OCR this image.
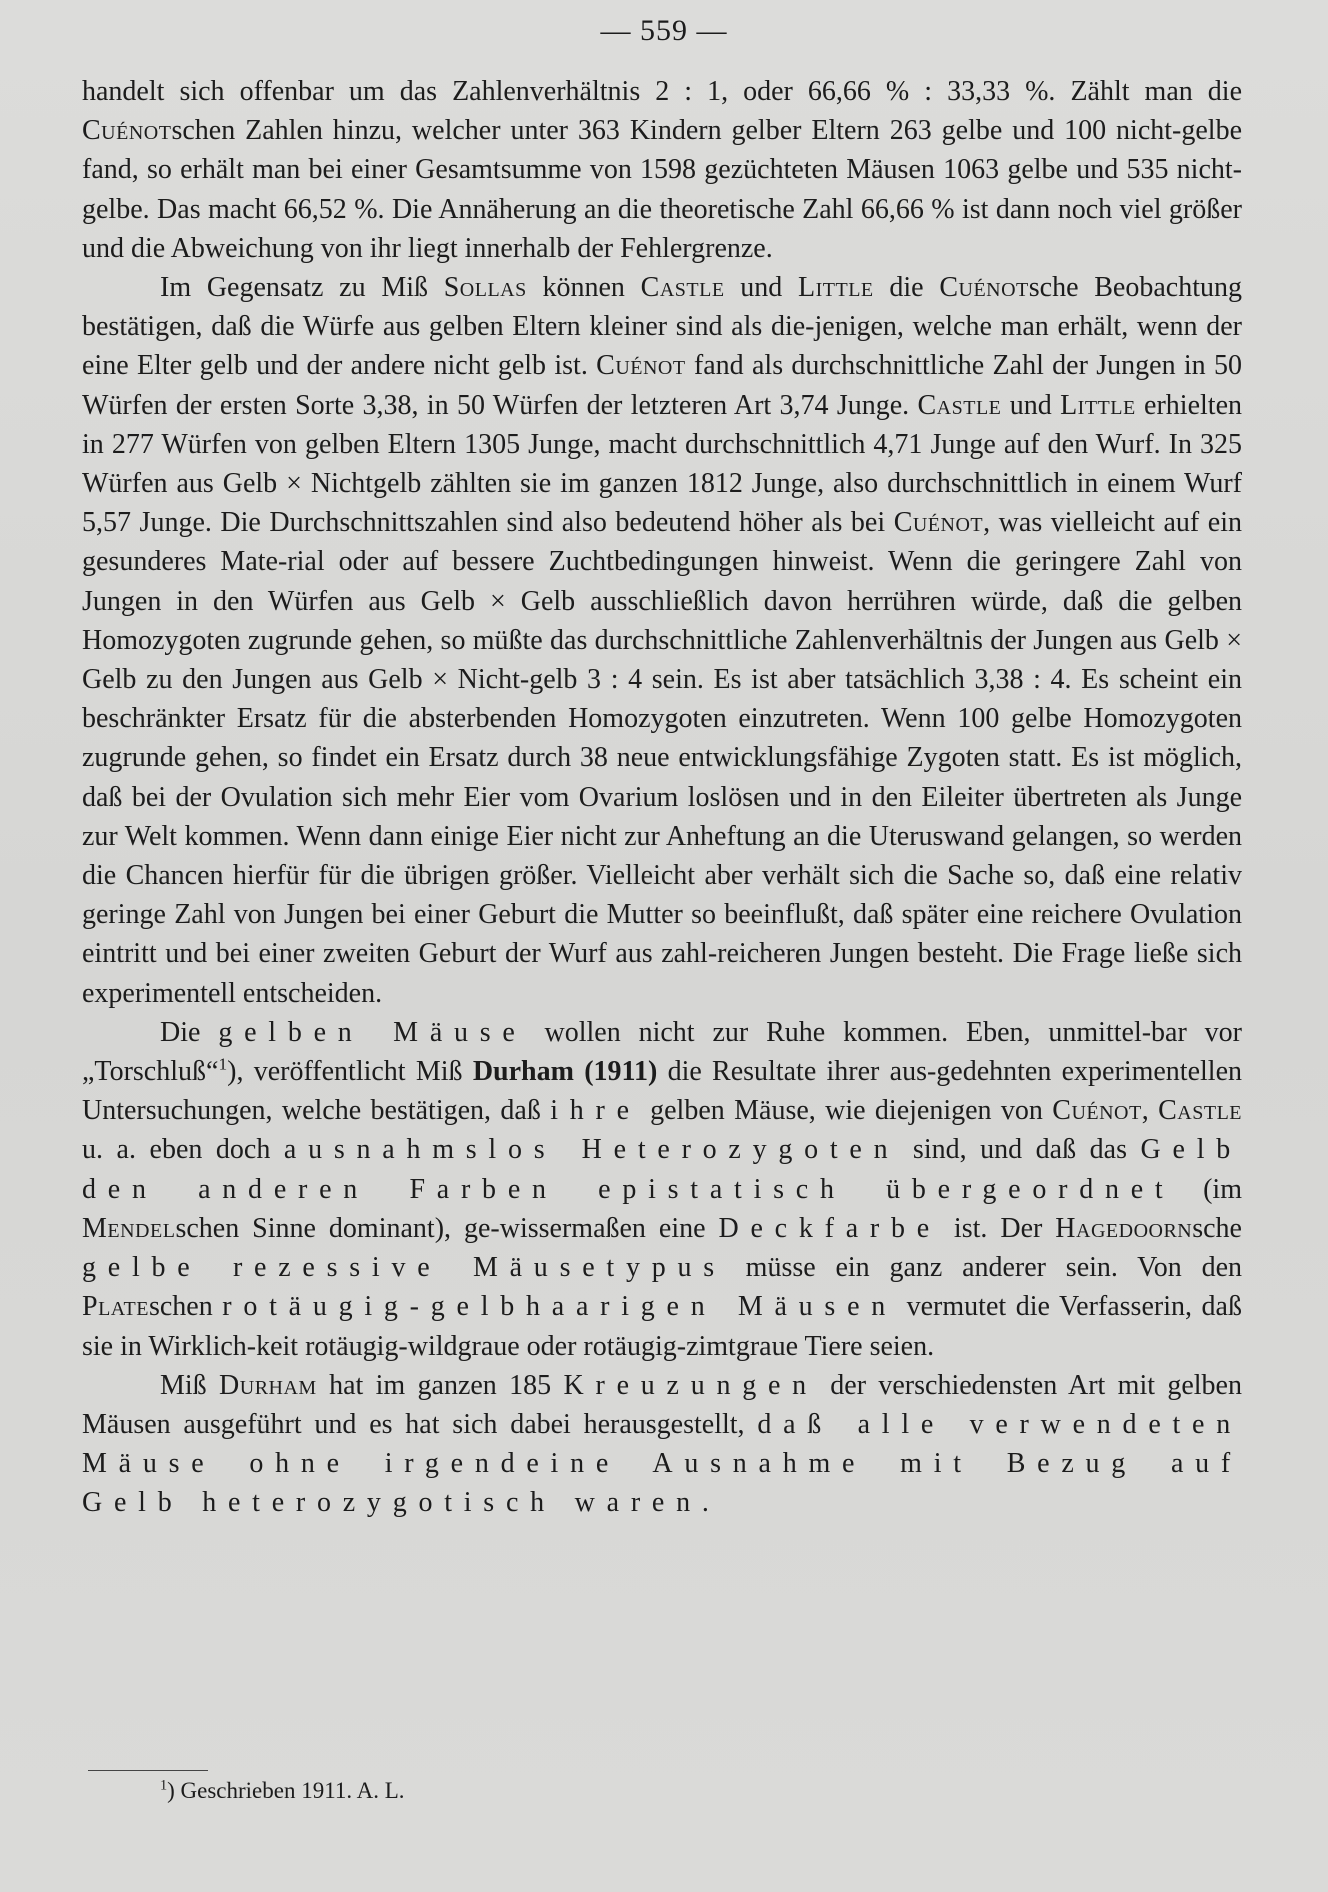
— 559 —

handelt sich offenbar um das Zahlenverhältnis 2 : 1, oder 66,66 % : 33,33 %. Zählt man die Cuénotschen Zahlen hinzu, welcher unter 363 Kindern gelber Eltern 263 gelbe und 100 nicht-gelbe fand, so erhält man bei einer Gesamtsumme von 1598 gezüchteten Mäusen 1063 gelbe und 535 nicht-gelbe. Das macht 66,52 %. Die Annäherung an die theoretische Zahl 66,66 % ist dann noch viel größer und die Abweichung von ihr liegt innerhalb der Fehlergrenze.

Im Gegensatz zu Miß Sollas können Castle und Little die Cuénotsche Beobachtung bestätigen, daß die Würfe aus gelben Eltern kleiner sind als die-jenigen, welche man erhält, wenn der eine Elter gelb und der andere nicht gelb ist. Cuénot fand als durchschnittliche Zahl der Jungen in 50 Würfen der ersten Sorte 3,38, in 50 Würfen der letzteren Art 3,74 Junge. Castle und Little erhielten in 277 Würfen von gelben Eltern 1305 Junge, macht durchschnittlich 4,71 Junge auf den Wurf. In 325 Würfen aus Gelb × Nichtgelb zählten sie im ganzen 1812 Junge, also durchschnittlich in einem Wurf 5,57 Junge. Die Durchschnittszahlen sind also bedeutend höher als bei Cuénot, was vielleicht auf ein gesunderes Mate-rial oder auf bessere Zuchtbedingungen hinweist. Wenn die geringere Zahl von Jungen in den Würfen aus Gelb × Gelb ausschließlich davon herrühren würde, daß die gelben Homozygoten zugrunde gehen, so müßte das durchschnittliche Zahlenverhältnis der Jungen aus Gelb × Gelb zu den Jungen aus Gelb × Nicht-gelb 3 : 4 sein. Es ist aber tatsächlich 3,38 : 4. Es scheint ein beschränkter Ersatz für die absterbenden Homozygoten einzutreten. Wenn 100 gelbe Homozygoten zugrunde gehen, so findet ein Ersatz durch 38 neue entwicklungsfähige Zygoten statt. Es ist möglich, daß bei der Ovulation sich mehr Eier vom Ovarium loslösen und in den Eileiter übertreten als Junge zur Welt kommen. Wenn dann einige Eier nicht zur Anheftung an die Uteruswand gelangen, so werden die Chancen hierfür für die übrigen größer. Vielleicht aber verhält sich die Sache so, daß eine relativ geringe Zahl von Jungen bei einer Geburt die Mutter so beeinflußt, daß später eine reichere Ovulation eintritt und bei einer zweiten Geburt der Wurf aus zahl-reicheren Jungen besteht. Die Frage ließe sich experimentell entscheiden.

Die gelben Mäuse wollen nicht zur Ruhe kommen. Eben, unmittel-bar vor „Torschluß“$^1$), veröffentlicht Miß Durham (1911) die Resultate ihrer aus-gedehnten experimentellen Untersuchungen, welche bestätigen, daß ihre gelben Mäuse, wie diejenigen von Cuénot, Castle u. a. eben doch ausnahmslos Heterozygoten sind, und daß das Gelb den anderen Farben epistatisch übergeordnet (im Mendelschen Sinne dominant), ge-wissermaßen eine Deckfarbe ist. Der Hagedoornsche gelbe rezessive Mäusetypus müsse ein ganz anderer sein. Von den Plateschen rotäugig-gelbhaarigen Mäusen vermutet die Verfasserin, daß sie in Wirklich-keit rotäugig-wildgraue oder rotäugig-zimtgraue Tiere seien.

Miß Durham hat im ganzen 185 Kreuzungen der verschiedensten Art mit gelben Mäusen ausgeführt und es hat sich dabei herausgestellt, daß alle verwendeten Mäuse ohne irgendeine Ausnahme mit Bezug auf Gelb heterozygotisch waren.

$^1$) Geschrieben 1911. A. L.
